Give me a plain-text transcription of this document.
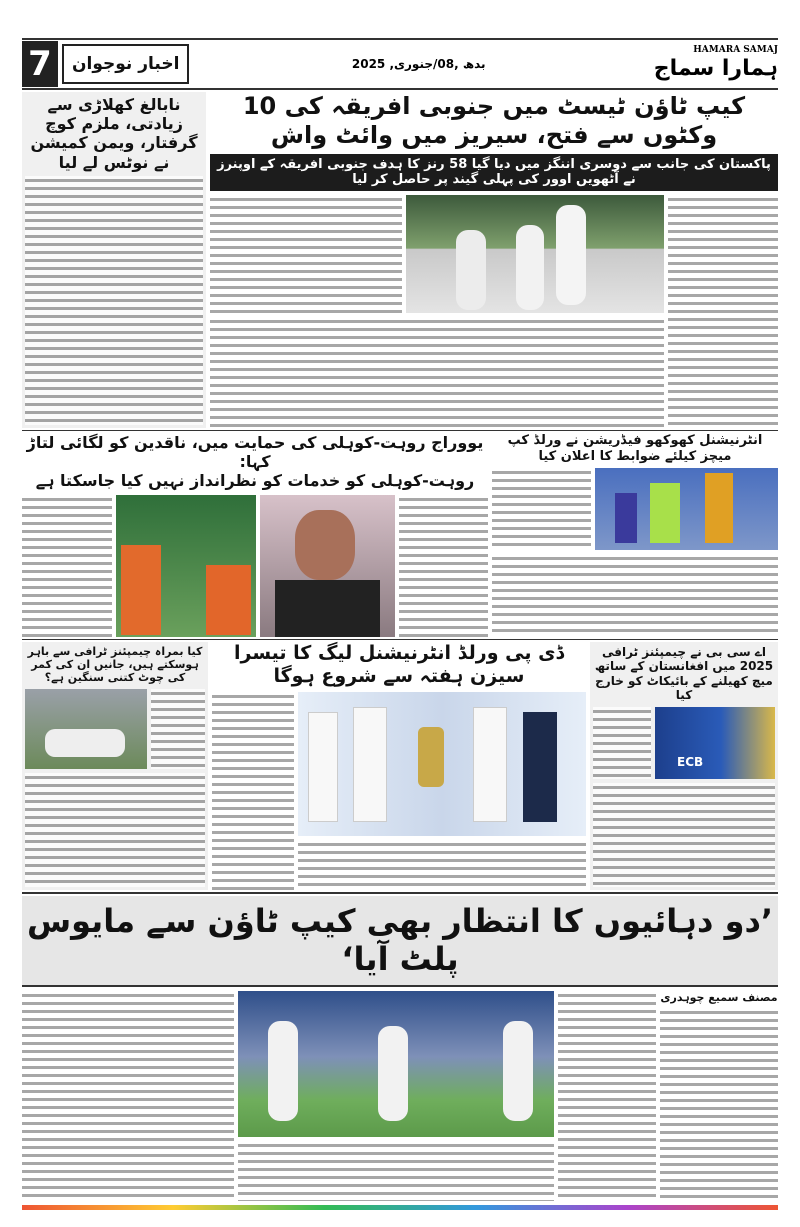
7	اخبار نوجوان	بدھ ,08/جنوری, 2025
HAMARA SAMAJ
ہمارا سماج
نابالغ کھلاڑی سے زیادتی، ملزم کوچ گرفتار، ویمن کمیشن نے نوٹس لے لیا
کیپ ٹاؤن ٹیسٹ میں جنوبی افریقہ کی 10 وکٹوں سے فتح، سیریز میں وائٹ واش
پاکستان کی جانب سے دوسری اننگز میں دیا گیا 58 رنز کا ہدف جنوبی افریقہ کے اوپنرز نے آٹھویں اوور کی پہلی گیند پر حاصل کر لیا
یووراج روہت-کوہلی کی حمایت میں، ناقدین کو لگائی لتاڑ کہا:
روہت-کوہلی کو خدمات کو نظرانداز نہیں کیا جاسکتا ہے
انٹرنیشنل کھوکھو فیڈریشن نے ورلڈ کپ میچز کیلئے ضوابط کا اعلان کیا
کیا بمراہ چیمپئنز ٹرافی سے باہر ہوسکتے ہیں، جانیں ان کی کمر کی چوٹ کتنی سنگین ہے؟
ڈی پی ورلڈ انٹرنیشنل لیگ کا تیسرا سیزن ہفتہ سے شروع ہوگا
اے سی بی نے چیمپئنز ٹرافی 2025 میں افغانستان کے ساتھ میچ کھیلنے کے بائیکاٹ کو خارج کیا
ECB
’دو دہائیوں کا انتظار بھی کیپ ٹاؤن سے مایوس پلٹ آیا‘
مصنف سمیع چوہدری
